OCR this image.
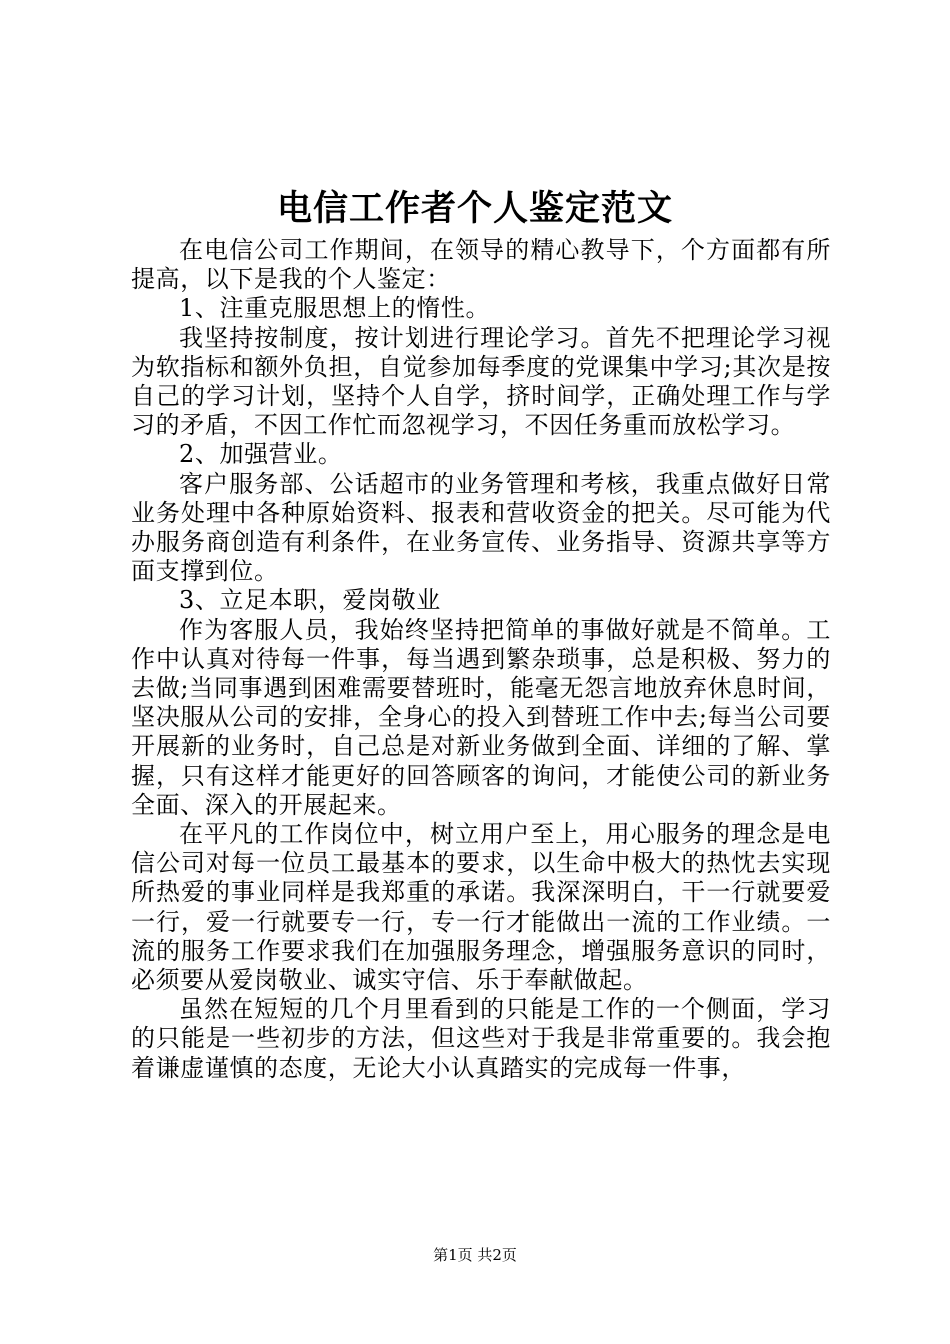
电信工作者个人鉴定范文

在电信公司工作期间，在领导的精心教导下，个方面都有所提高，以下是我的个人鉴定：

1、注重克服思想上的惰性。

我坚持按制度，按计划进行理论学习。首先不把理论学习视为软指标和额外负担，自觉参加每季度的党课集中学习;其次是按自己的学习计划，坚持个人自学，挤时间学，正确处理工作与学习的矛盾，不因工作忙而忽视学习，不因任务重而放松学习。

2、加强营业。

客户服务部、公话超市的业务管理和考核，我重点做好日常业务处理中各种原始资料、报表和营收资金的把关。尽可能为代办服务商创造有利条件，在业务宣传、业务指导、资源共享等方面支撑到位。

3、立足本职，爱岗敬业

作为客服人员，我始终坚持把简单的事做好就是不简单。工作中认真对待每一件事，每当遇到繁杂琐事，总是积极、努力的去做;当同事遇到困难需要替班时，能毫无怨言地放弃休息时间，坚决服从公司的安排，全身心的投入到替班工作中去;每当公司要开展新的业务时，自己总是对新业务做到全面、详细的了解、掌握，只有这样才能更好的回答顾客的询问，才能使公司的新业务全面、深入的开展起来。

在平凡的工作岗位中，树立用户至上，用心服务的理念是电信公司对每一位员工最基本的要求，以生命中极大的热忱去实现所热爱的事业同样是我郑重的承诺。我深深明白，干一行就要爱一行，爱一行就要专一行，专一行才能做出一流的工作业绩。一流的服务工作要求我们在加强服务理念，增强服务意识的同时，必须要从爱岗敬业、诚实守信、乐于奉献做起。

虽然在短短的几个月里看到的只能是工作的一个侧面，学习的只能是一些初步的方法，但这些对于我是非常重要的。我会抱着谦虚谨慎的态度，无论大小认真踏实的完成每一件事，

第1页 共2页
